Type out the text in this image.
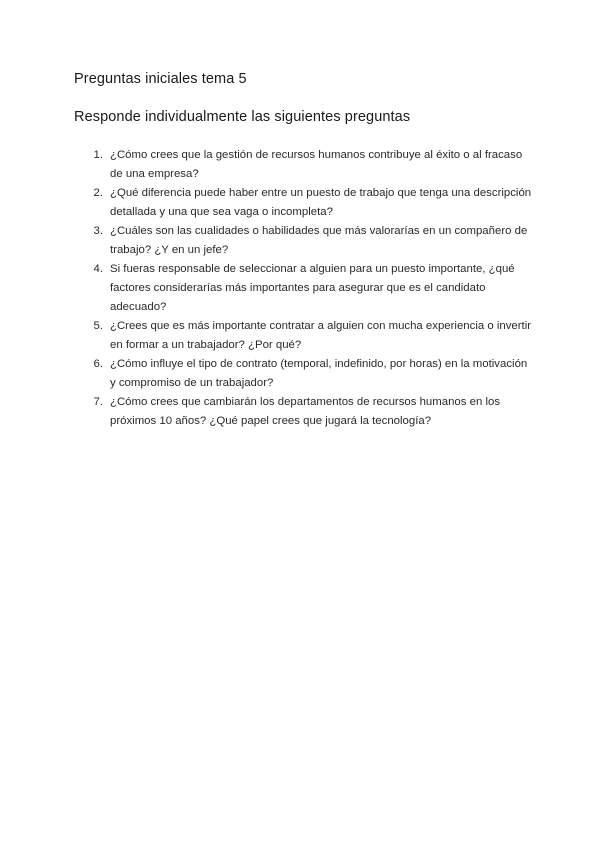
Preguntas iniciales tema 5
Responde individualmente las siguientes preguntas
1. ¿Cómo crees que la gestión de recursos humanos contribuye al éxito o al fracaso de una empresa?
2. ¿Qué diferencia puede haber entre un puesto de trabajo que tenga una descripción detallada y una que sea vaga o incompleta?
3. ¿Cuáles son las cualidades o habilidades que más valorarías en un compañero de trabajo? ¿Y en un jefe?
4. Si fueras responsable de seleccionar a alguien para un puesto importante, ¿qué factores considerarías más importantes para asegurar que es el candidato adecuado?
5. ¿Crees que es más importante contratar a alguien con mucha experiencia o invertir en formar a un trabajador? ¿Por qué?
6. ¿Cómo influye el tipo de contrato (temporal, indefinido, por horas) en la motivación y compromiso de un trabajador?
7. ¿Cómo crees que cambiarán los departamentos de recursos humanos en los próximos 10 años? ¿Qué papel crees que jugará la tecnología?
